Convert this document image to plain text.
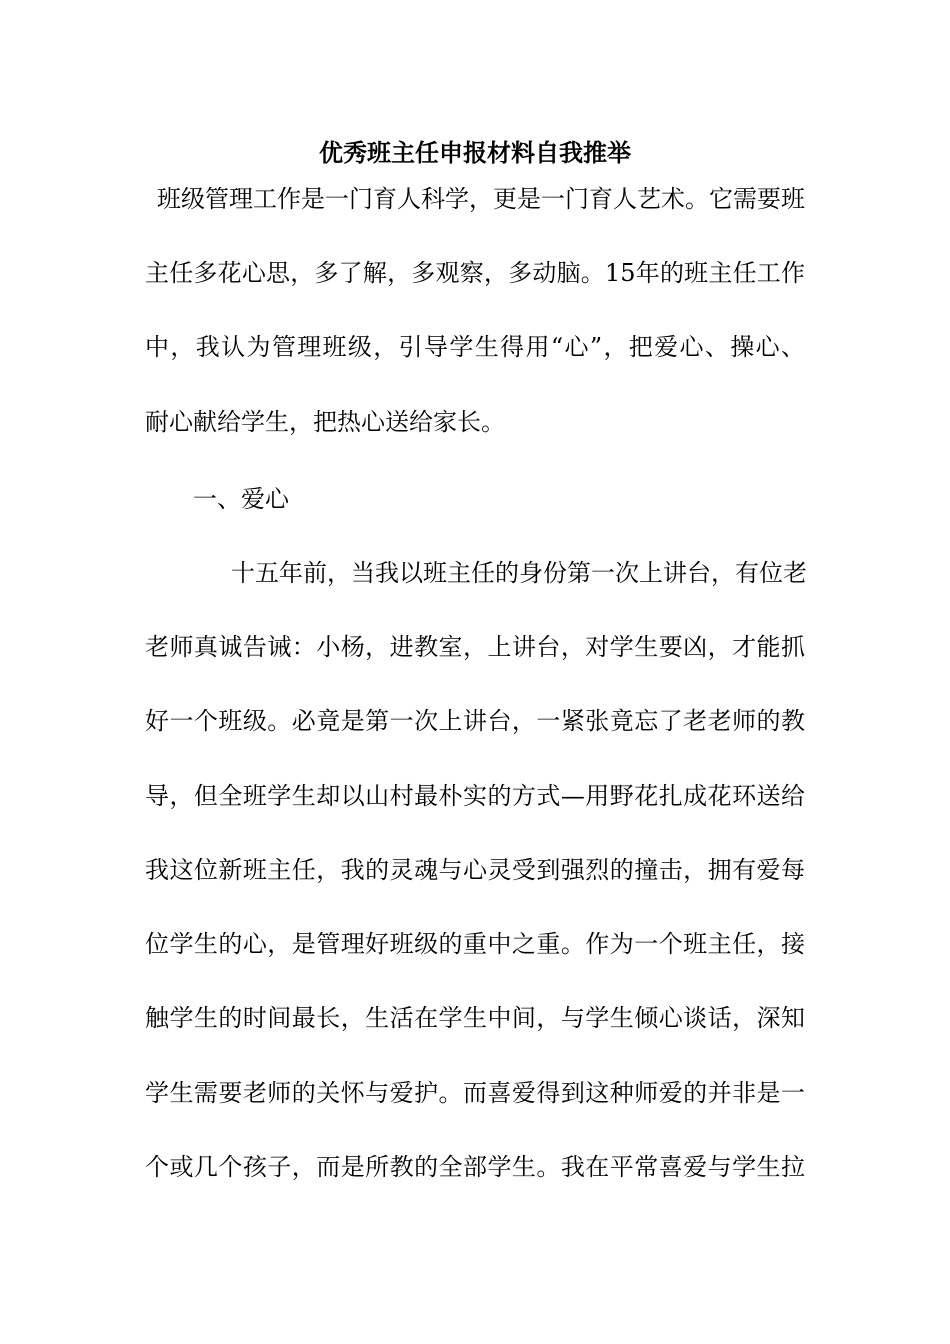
优秀班主任申报材料自我推举
班级管理工作是一门育人科学，更是一门育人艺术。它需要班
主任多花心思，多了解，多观察，多动脑。15年的班主任工作
中，我认为管理班级，引导学生得用“心”，把爱心、操心、
耐心献给学生，把热心送给家长。
一、爱心
十五年前，当我以班主任的身份第一次上讲台，有位老
老师真诚告诫：小杨，进教室，上讲台，对学生要凶，才能抓
好一个班级。必竟是第一次上讲台，一紧张竟忘了老老师的教
导，但全班学生却以山村最朴实的方式—用野花扎成花环送给
我这位新班主任，我的灵魂与心灵受到强烈的撞击，拥有爱每
位学生的心，是管理好班级的重中之重。作为一个班主任，接
触学生的时间最长，生活在学生中间，与学生倾心谈话，深知
学生需要老师的关怀与爱护。而喜爱得到这种师爱的并非是一
个或几个孩子，而是所教的全部学生。我在平常喜爱与学生拉
